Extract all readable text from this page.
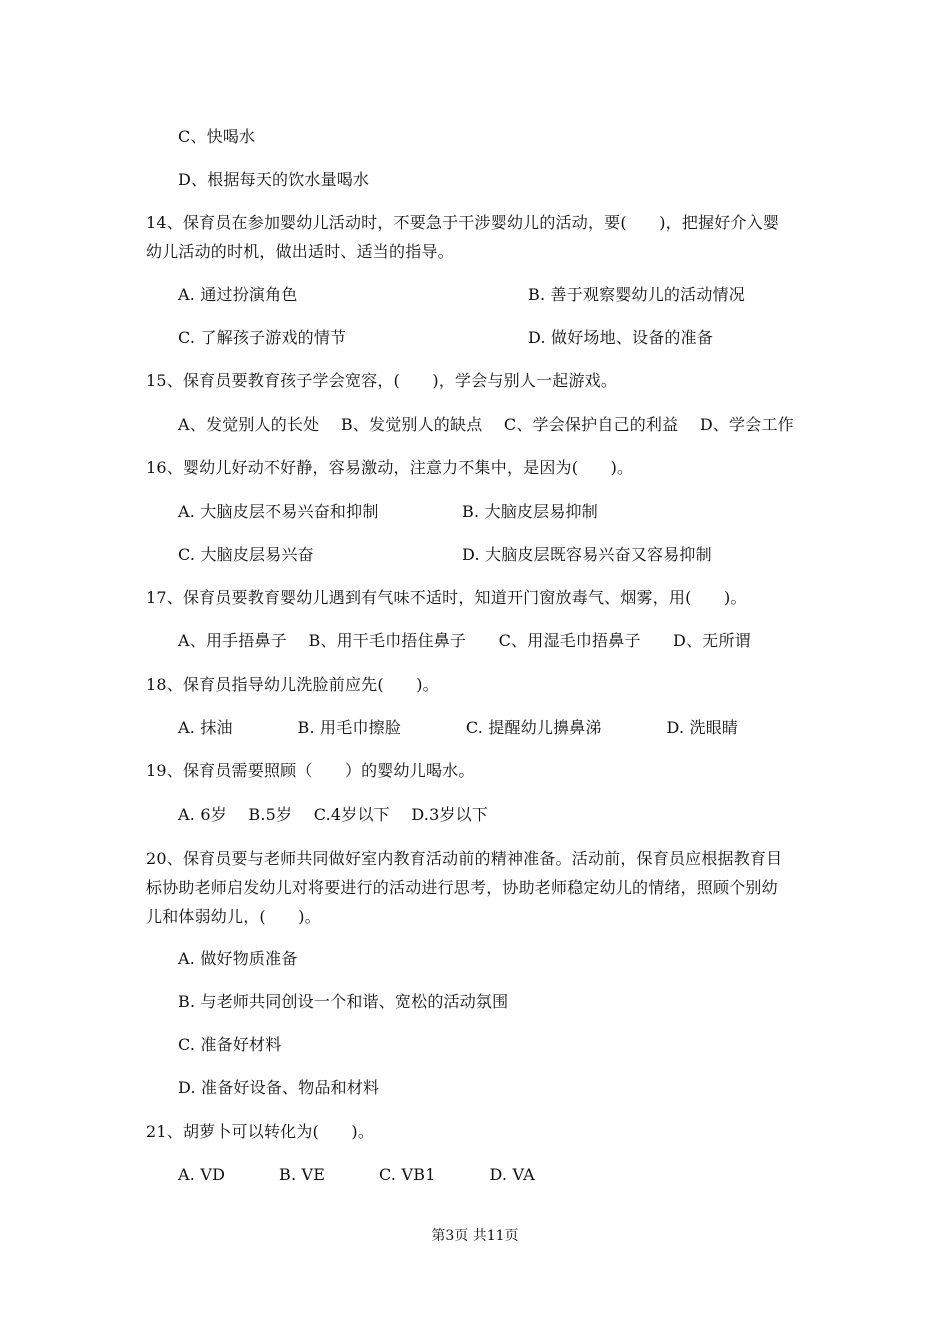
C、快喝水
D、根据每天的饮水量喝水
14、保育员在参加婴幼儿活动时，不要急于干涉婴幼儿的活动，要(　　)，把握好介入婴
幼儿活动的时机，做出适时、适当的指导。
A. 通过扮演角色	B. 善于观察婴幼儿的活动情况
C. 了解孩子游戏的情节	D. 做好场地、设备的准备
15、保育员要教育孩子学会宽容，(　　)，学会与别人一起游戏。
A、发觉别人的长处　 B、发觉别人的缺点　 C、学会保护自己的利益　 D、学会工作
16、婴幼儿好动不好静，容易激动，注意力不集中，是因为(　　)。
A. 大脑皮层不易兴奋和抑制	B. 大脑皮层易抑制
C. 大脑皮层易兴奋	D. 大脑皮层既容易兴奋又容易抑制
17、保育员要教育婴幼儿遇到有气味不适时，知道开门窗放毒气、烟雾，用(　　)。
A、用手捂鼻子　 B、用干毛巾捂住鼻子　　C、用湿毛巾捂鼻子　　D、无所谓
18、保育员指导幼儿洗脸前应先(　　)。
A. 抹油　　　　B. 用毛巾擦脸　　　　C. 提醒幼儿擤鼻涕　　　　D. 洗眼睛
19、保育员需要照顾（　　）的婴幼儿喝水。
A. 6岁　 B.5岁　 C.4岁以下　 D.3岁以下
20、保育员要与老师共同做好室内教育活动前的精神准备。活动前，保育员应根据教育目
标协助老师启发幼儿对将要进行的活动进行思考，协助老师稳定幼儿的情绪，照顾个别幼
儿和体弱幼儿，(　　)。
A. 做好物质准备
B. 与老师共同创设一个和谐、宽松的活动氛围
C. 准备好材料
D. 准备好设备、物品和材料
21、胡萝卜可以转化为(　　)。
A. VD　　　 B. VE　　　 C. VB1　　　 D. VA
第3页 共11页
